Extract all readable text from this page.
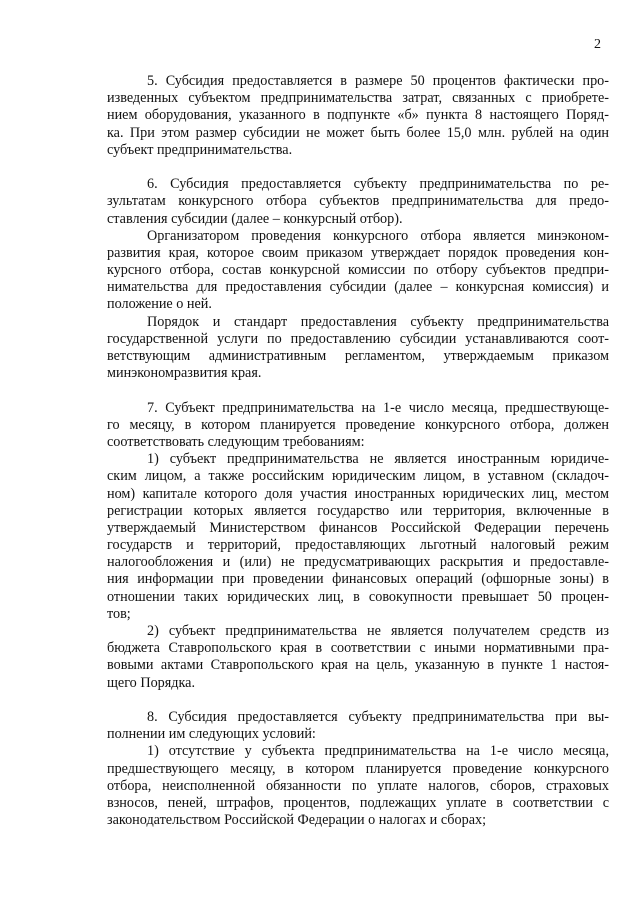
2
5. Субсидия предоставляется в размере 50 процентов фактически про-
изведенных субъектом предпринимательства затрат, связанных с приобрете-
нием оборудования, указанного в подпункте «б» пункта 8 настоящего Поряд-
ка. При этом размер субсидии не может быть более 15,0 млн. рублей на один
субъект предпринимательства.
6. Субсидия предоставляется субъекту предпринимательства по ре-
зультатам конкурсного отбора субъектов предпринимательства для предо-
ставления субсидии (далее – конкурсный отбор).
Организатором проведения конкурсного отбора является минэконом-
развития края, которое своим приказом утверждает порядок проведения кон-
курсного отбора, состав конкурсной комиссии по отбору субъектов предпри-
нимательства для предоставления субсидии (далее – конкурсная комиссия) и
положение о ней.
Порядок и стандарт предоставления субъекту предпринимательства
государственной услуги по предоставлению субсидии устанавливаются соот-
ветствующим административным регламентом, утверждаемым приказом
минэкономразвития края.
7. Субъект предпринимательства на 1-е число месяца, предшествующе-
го месяцу, в котором планируется проведение конкурсного отбора, должен
соответствовать следующим требованиям:
1) субъект предпринимательства не является иностранным юридиче-
ским лицом, а также российским юридическим лицом, в уставном (складоч-
ном) капитале которого доля участия иностранных юридических лиц, местом
регистрации которых является государство или территория, включенные в
утверждаемый Министерством финансов Российской Федерации перечень
государств и территорий, предоставляющих льготный налоговый режим
налогообложения и (или) не предусматривающих раскрытия и предоставле-
ния информации при проведении финансовых операций (офшорные зоны) в
отношении таких юридических лиц, в совокупности превышает 50 процен-
тов;
2) субъект предпринимательства не является получателем средств из
бюджета Ставропольского края в соответствии с иными нормативными пра-
вовыми актами Ставропольского края на цель, указанную в пункте 1 настоя-
щего Порядка.
8. Субсидия предоставляется субъекту предпринимательства при вы-
полнении им следующих условий:
1) отсутствие у субъекта предпринимательства на 1-е число месяца,
предшествующего месяцу, в котором планируется проведение конкурсного
отбора, неисполненной обязанности по уплате налогов, сборов, страховых
взносов, пеней, штрафов, процентов, подлежащих уплате в соответствии с
законодательством Российской Федерации о налогах и сборах;
